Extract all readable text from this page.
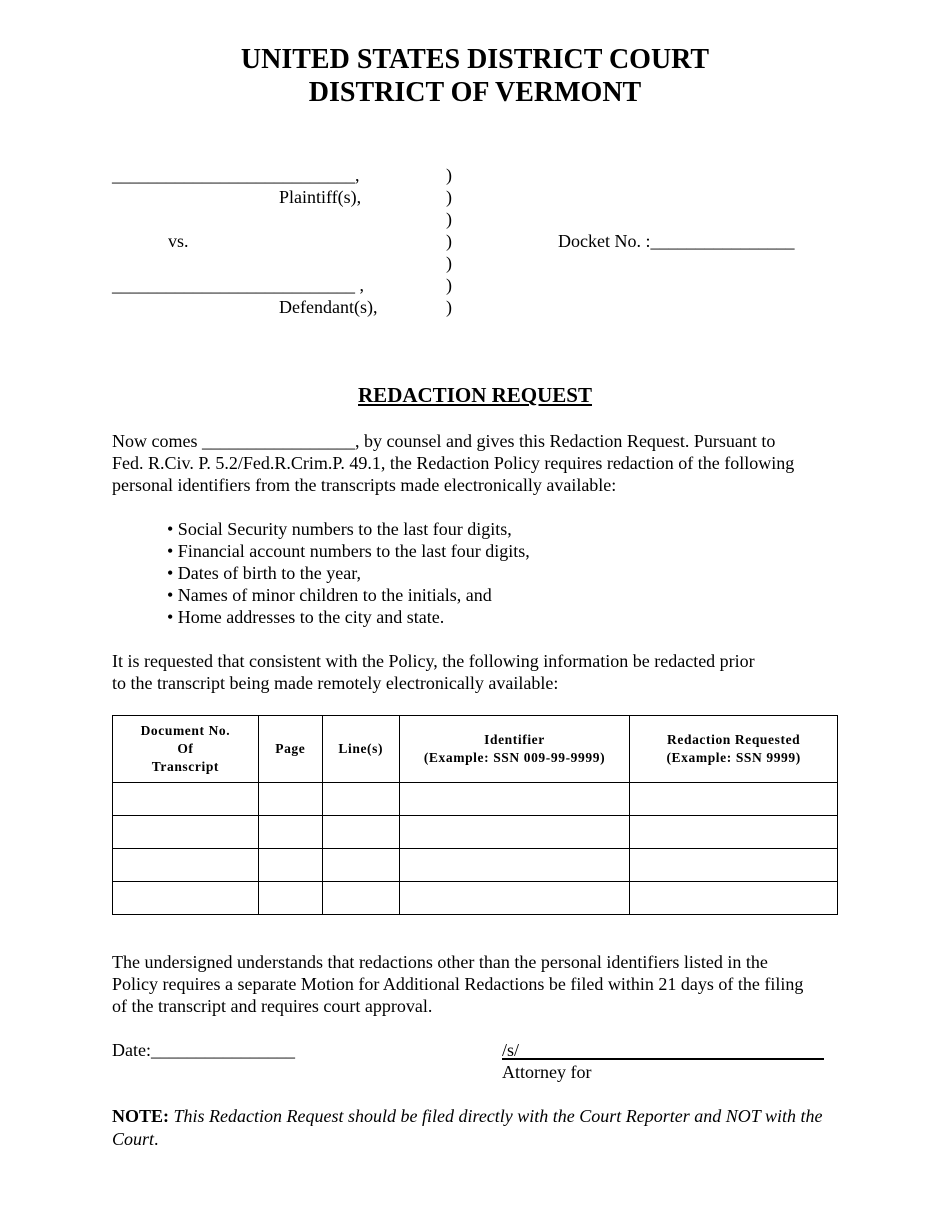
UNITED STATES DISTRICT COURT
DISTRICT OF VERMONT
___________________________,
Plaintiff(s),
vs.
___________________________ ,
Defendant(s),
)
)
)
)
)
)
)
Docket No. :________________
REDACTION REQUEST

Now comes _________________, by counsel and gives this Redaction Request. Pursuant to

Fed. R.Civ. P. 5.2/Fed.R.Crim.P. 49.1, the Redaction Policy requires redaction of the following

personal identifiers from the transcripts made electronically available:

• Social Security numbers to the last four digits,
• Financial account numbers to the last four digits,
• Dates of birth to the year,
• Names of minor children to the initials, and
• Home addresses to the city and state.

It is requested that consistent with the Policy, the following information be redacted prior

to the transcript being made remotely electronically available:

Document No.
Of
Transcript	Page	Line(s)	Identifier
(Example: SSN 009-99-9999)	Redaction Requested
(Example: SSN 9999)

The undersigned understands that redactions other than the personal identifiers listed in the

Policy requires a separate Motion for Additional Redactions be filed within 21 days of the filing

of the transcript and requires court approval.

Date:________________	/s/
Attorney for
NOTE: This Redaction Request should be filed directly with the Court Reporter and NOT with the Court.
